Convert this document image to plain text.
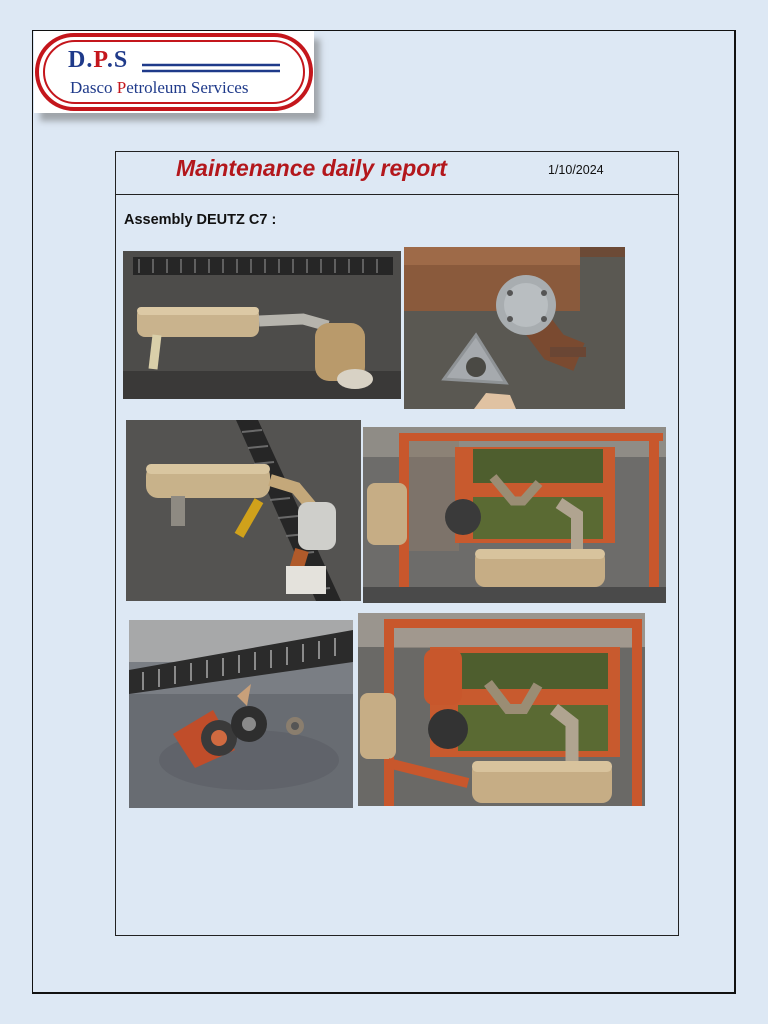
D.P.S
Dasco Petroleum Services
Maintenance daily report	1/10/2024
Assembly DEUTZ C7 :
